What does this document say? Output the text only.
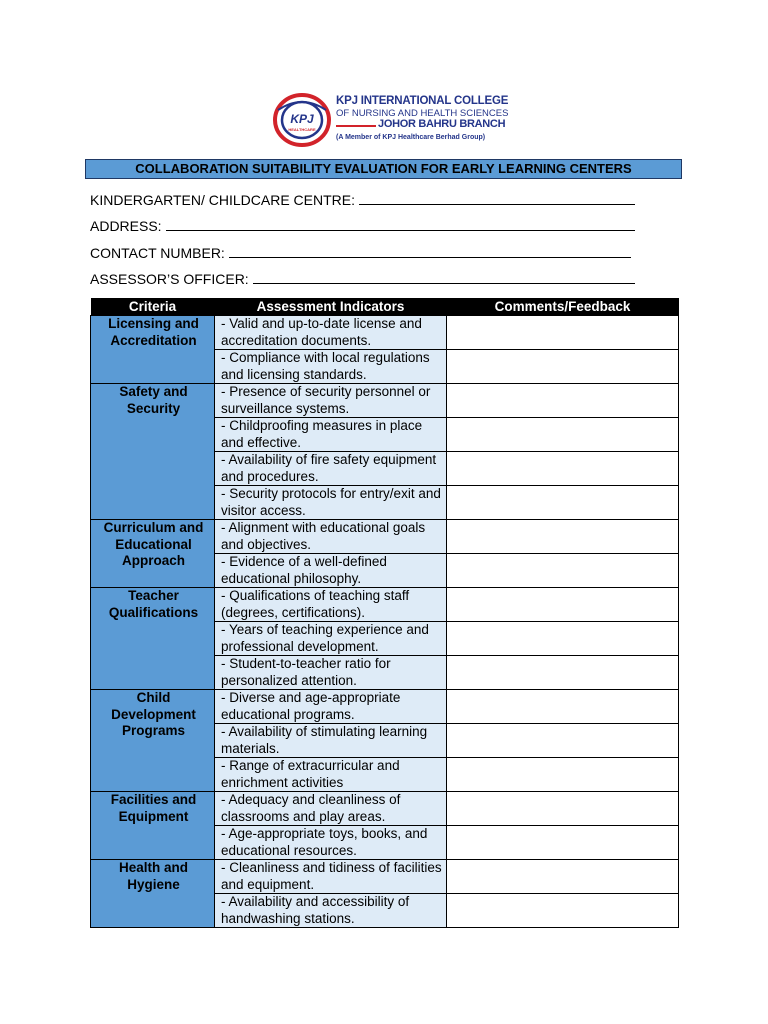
KPJ
HEALTHCARE
KPJ INTERNATIONAL COLLEGE
OF NURSING AND HEALTH SCIENCES
JOHOR BAHRU BRANCH
(A Member of KPJ Healthcare Berhad Group)
COLLABORATION SUITABILITY EVALUATION FOR EARLY LEARNING CENTERS
KINDERGARTEN/ CHILDCARE CENTRE:
ADDRESS:
CONTACT NUMBER:
ASSESSOR’S OFFICER:
Criteria	Assessment Indicators	Comments/Feedback
Licensing and Accreditation	- Valid and up-to-date license and accreditation documents.	
	- Compliance with local regulations and licensing standards.	
Safety and Security	- Presence of security personnel or surveillance systems.	
	- Childproofing measures in place and effective.	
	- Availability of fire safety equipment and procedures.	
	- Security protocols for entry/exit and visitor access.	
Curriculum and Educational Approach	- Alignment with educational goals and objectives.	
	- Evidence of a well-defined educational philosophy.	
Teacher Qualifications	- Qualifications of teaching staff (degrees, certifications).	
	- Years of teaching experience and professional development.	
	- Student-to-teacher ratio for personalized attention.	
Child Development Programs	- Diverse and age-appropriate educational programs.	
	- Availability of stimulating learning materials.	
	- Range of extracurricular and enrichment activities	
Facilities and Equipment	- Adequacy and cleanliness of classrooms and play areas.	
	- Age-appropriate toys, books, and educational resources.	
Health and Hygiene	- Cleanliness and tidiness of facilities and equipment.	
	- Availability and accessibility of handwashing stations.	
